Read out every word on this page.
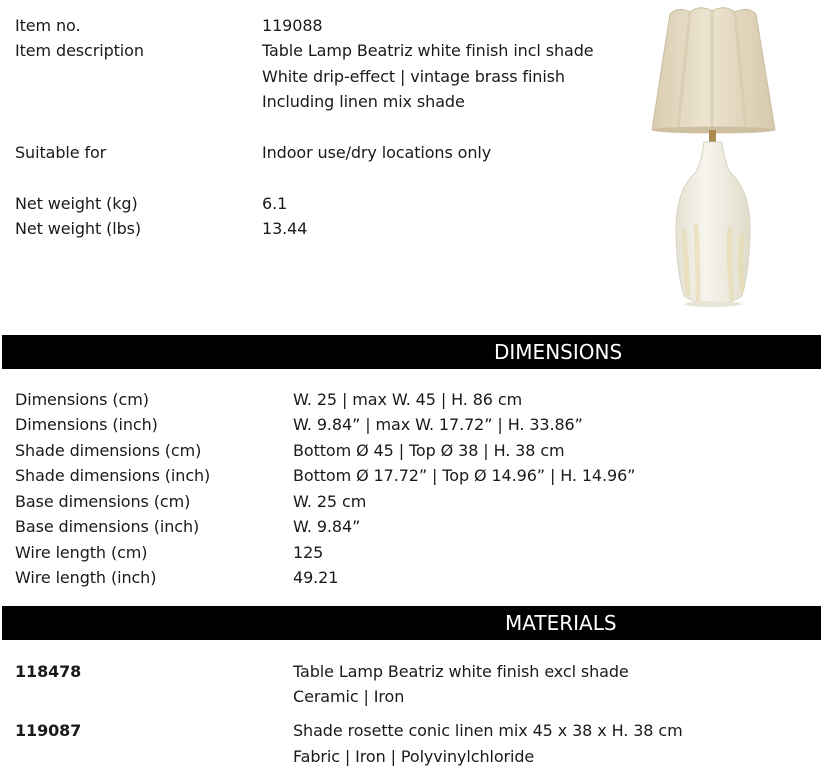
Item no.	119088
Item description	Table Lamp Beatriz white finish incl shade
White drip-effect | vintage brass finish
Including linen mix shade
Suitable for	Indoor use/dry locations only
Net weight (kg)	6.1
Net weight (lbs)	13.44
DIMENSIONS
Dimensions (cm)	W. 25 | max W. 45 | H. 86 cm
Dimensions (inch)	W. 9.84” | max W. 17.72” | H. 33.86”
Shade dimensions (cm)	Bottom Ø 45 | Top Ø 38 | H. 38 cm
Shade dimensions (inch)	Bottom Ø 17.72” | Top Ø 14.96” | H. 14.96”
Base dimensions (cm)	W. 25 cm
Base dimensions (inch)	W. 9.84”
Wire length (cm)	125
Wire length (inch)	49.21
MATERIALS
118478	Table Lamp Beatriz white finish excl shade
Ceramic | Iron
119087	Shade rosette conic linen mix 45 x 38 x H. 38 cm
Fabric | Iron | Polyvinylchloride
